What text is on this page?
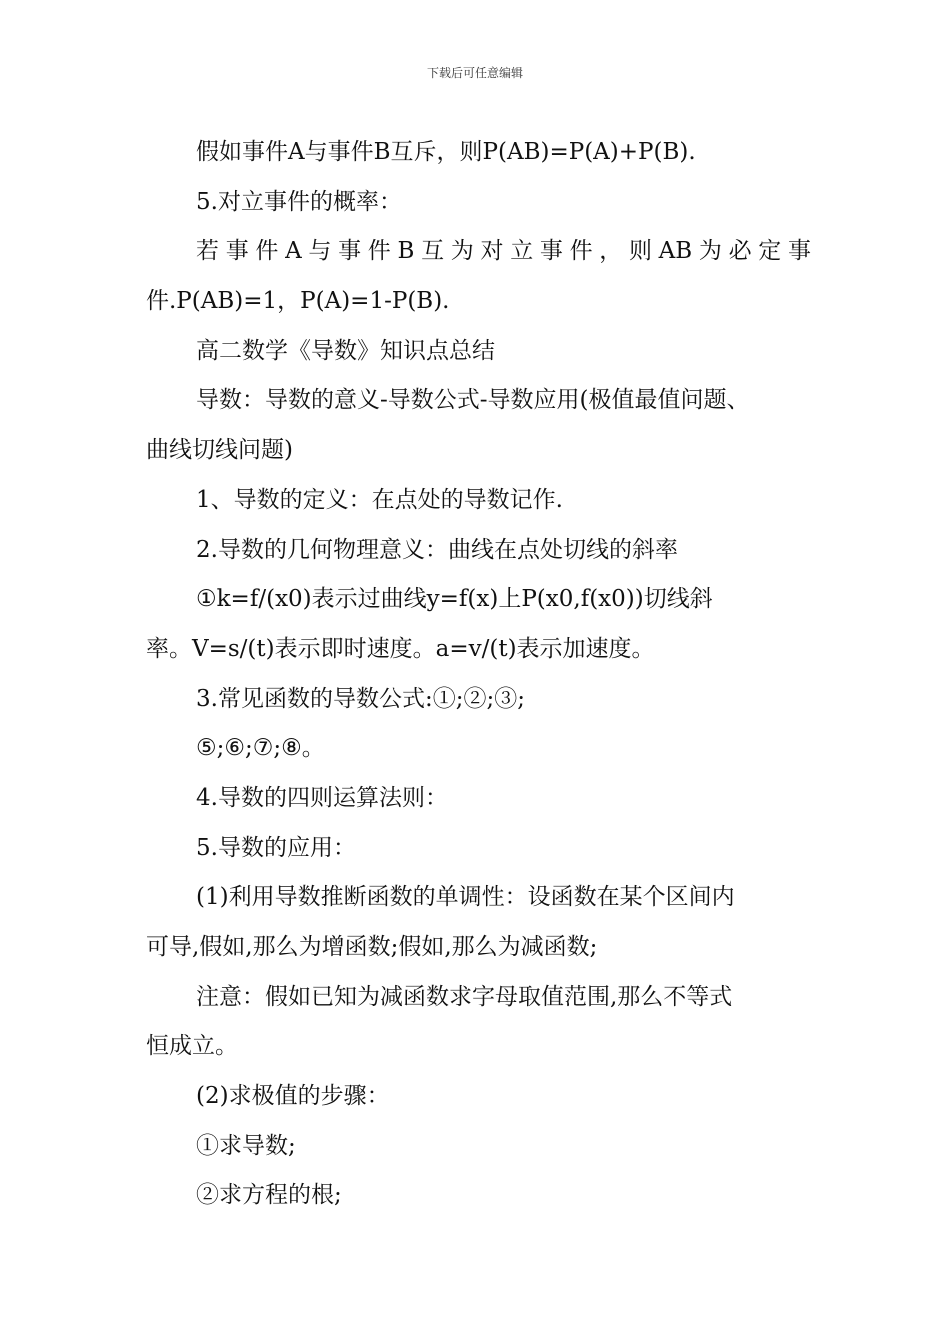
下载后可任意编辑
假如事件A与事件B互斥，则P(AB)=P(A)+P(B).
5.对立事件的概率：
若事件A与事件B互为对立事件，则AB为必定事
件.P(AB)=1，P(A)=1-P(B).
高二数学《导数》知识点总结
导数：导数的意义-导数公式-导数应用(极值最值问题、
曲线切线问题)
1、导数的定义：在点处的导数记作.
2.导数的几何物理意义：曲线在点处切线的斜率
①k=f/(x0)表示过曲线y=f(x)上P(x0,f(x0))切线斜
率。V=s/(t)表示即时速度。a=v/(t)表示加速度。
3.常见函数的导数公式:①;②;③;
⑤;⑥;⑦;⑧。
4.导数的四则运算法则：
5.导数的应用：
(1)利用导数推断函数的单调性：设函数在某个区间内
可导,假如,那么为增函数;假如,那么为减函数;
注意：假如已知为减函数求字母取值范围,那么不等式
恒成立。
(2)求极值的步骤：
①求导数;
②求方程的根;
